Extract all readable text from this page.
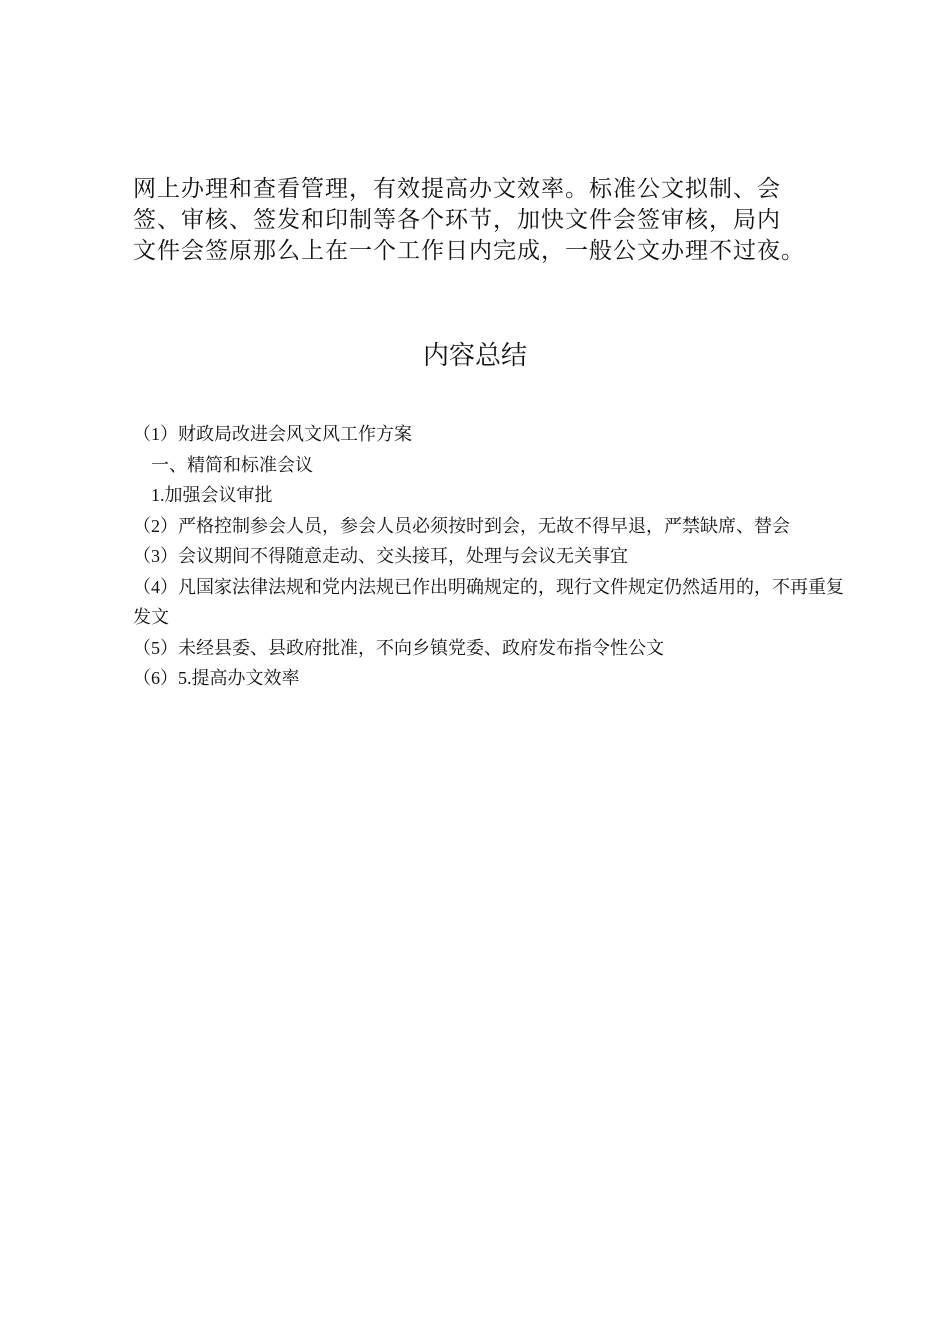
网上办理和查看管理，有效提高办文效率。标准公文拟制、会
签、审核、签发和印制等各个环节，加快文件会签审核，局内
文件会签原那么上在一个工作日内完成，一般公文办理不过夜。
内容总结
（1）财政局改进会风文风工作方案
一、精简和标准会议
1.加强会议审批
（2）严格控制参会人员，参会人员必须按时到会，无故不得早退，严禁缺席、替会
（3）会议期间不得随意走动、交头接耳，处理与会议无关事宜
（4）凡国家法律法规和党内法规已作出明确规定的，现行文件规定仍然适用的，不再重复发文
（5）未经县委、县政府批准，不向乡镇党委、政府发布指令性公文
（6）5.提高办文效率
